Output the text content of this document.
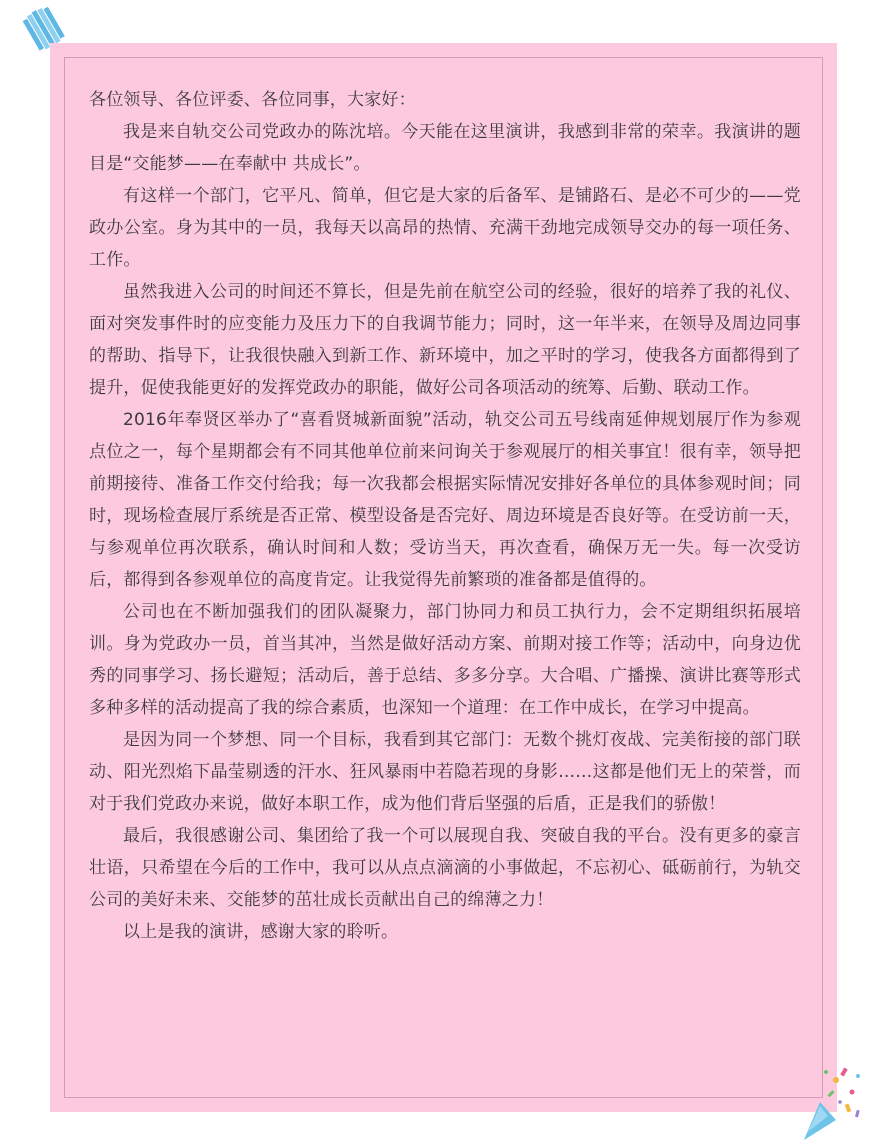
各位领导、各位评委、各位同事，大家好：

我是来自轨交公司党政办的陈沈培。今天能在这里演讲，我感到非常的荣幸。我演讲的题目是“交能梦——在奉献中 共成长”。

有这样一个部门，它平凡、简单，但它是大家的后备军、是铺路石、是必不可少的——党政办公室。身为其中的一员，我每天以高昂的热情、充满干劲地完成领导交办的每一项任务、工作。

虽然我进入公司的时间还不算长，但是先前在航空公司的经验，很好的培养了我的礼仪、面对突发事件时的应变能力及压力下的自我调节能力；同时，这一年半来，在领导及周边同事的帮助、指导下，让我很快融入到新工作、新环境中，加之平时的学习，使我各方面都得到了提升，促使我能更好的发挥党政办的职能，做好公司各项活动的统筹、后勤、联动工作。

2016年奉贤区举办了“喜看贤城新面貌”活动，轨交公司五号线南延伸规划展厅作为参观点位之一，每个星期都会有不同其他单位前来问询关于参观展厅的相关事宜！很有幸，领导把前期接待、准备工作交付给我；每一次我都会根据实际情况安排好各单位的具体参观时间；同时，现场检查展厅系统是否正常、模型设备是否完好、周边环境是否良好等。在受访前一天，与参观单位再次联系，确认时间和人数；受访当天，再次查看，确保万无一失。每一次受访后，都得到各参观单位的高度肯定。让我觉得先前繁琐的准备都是值得的。

公司也在不断加强我们的团队凝聚力，部门协同力和员工执行力，会不定期组织拓展培训。身为党政办一员，首当其冲，当然是做好活动方案、前期对接工作等；活动中，向身边优秀的同事学习、扬长避短；活动后，善于总结、多多分享。大合唱、广播操、演讲比赛等形式多种多样的活动提高了我的综合素质，也深知一个道理：在工作中成长，在学习中提高。

是因为同一个梦想、同一个目标，我看到其它部门：无数个挑灯夜战、完美衔接的部门联动、阳光烈焰下晶莹剔透的汗水、狂风暴雨中若隐若现的身影……这都是他们无上的荣誉，而对于我们党政办来说，做好本职工作，成为他们背后坚强的后盾，正是我们的骄傲！

最后，我很感谢公司、集团给了我一个可以展现自我、突破自我的平台。没有更多的豪言壮语，只希望在今后的工作中，我可以从点点滴滴的小事做起，不忘初心、砥砺前行，为轨交公司的美好未来、交能梦的茁壮成长贡献出自己的绵薄之力！

以上是我的演讲，感谢大家的聆听。
